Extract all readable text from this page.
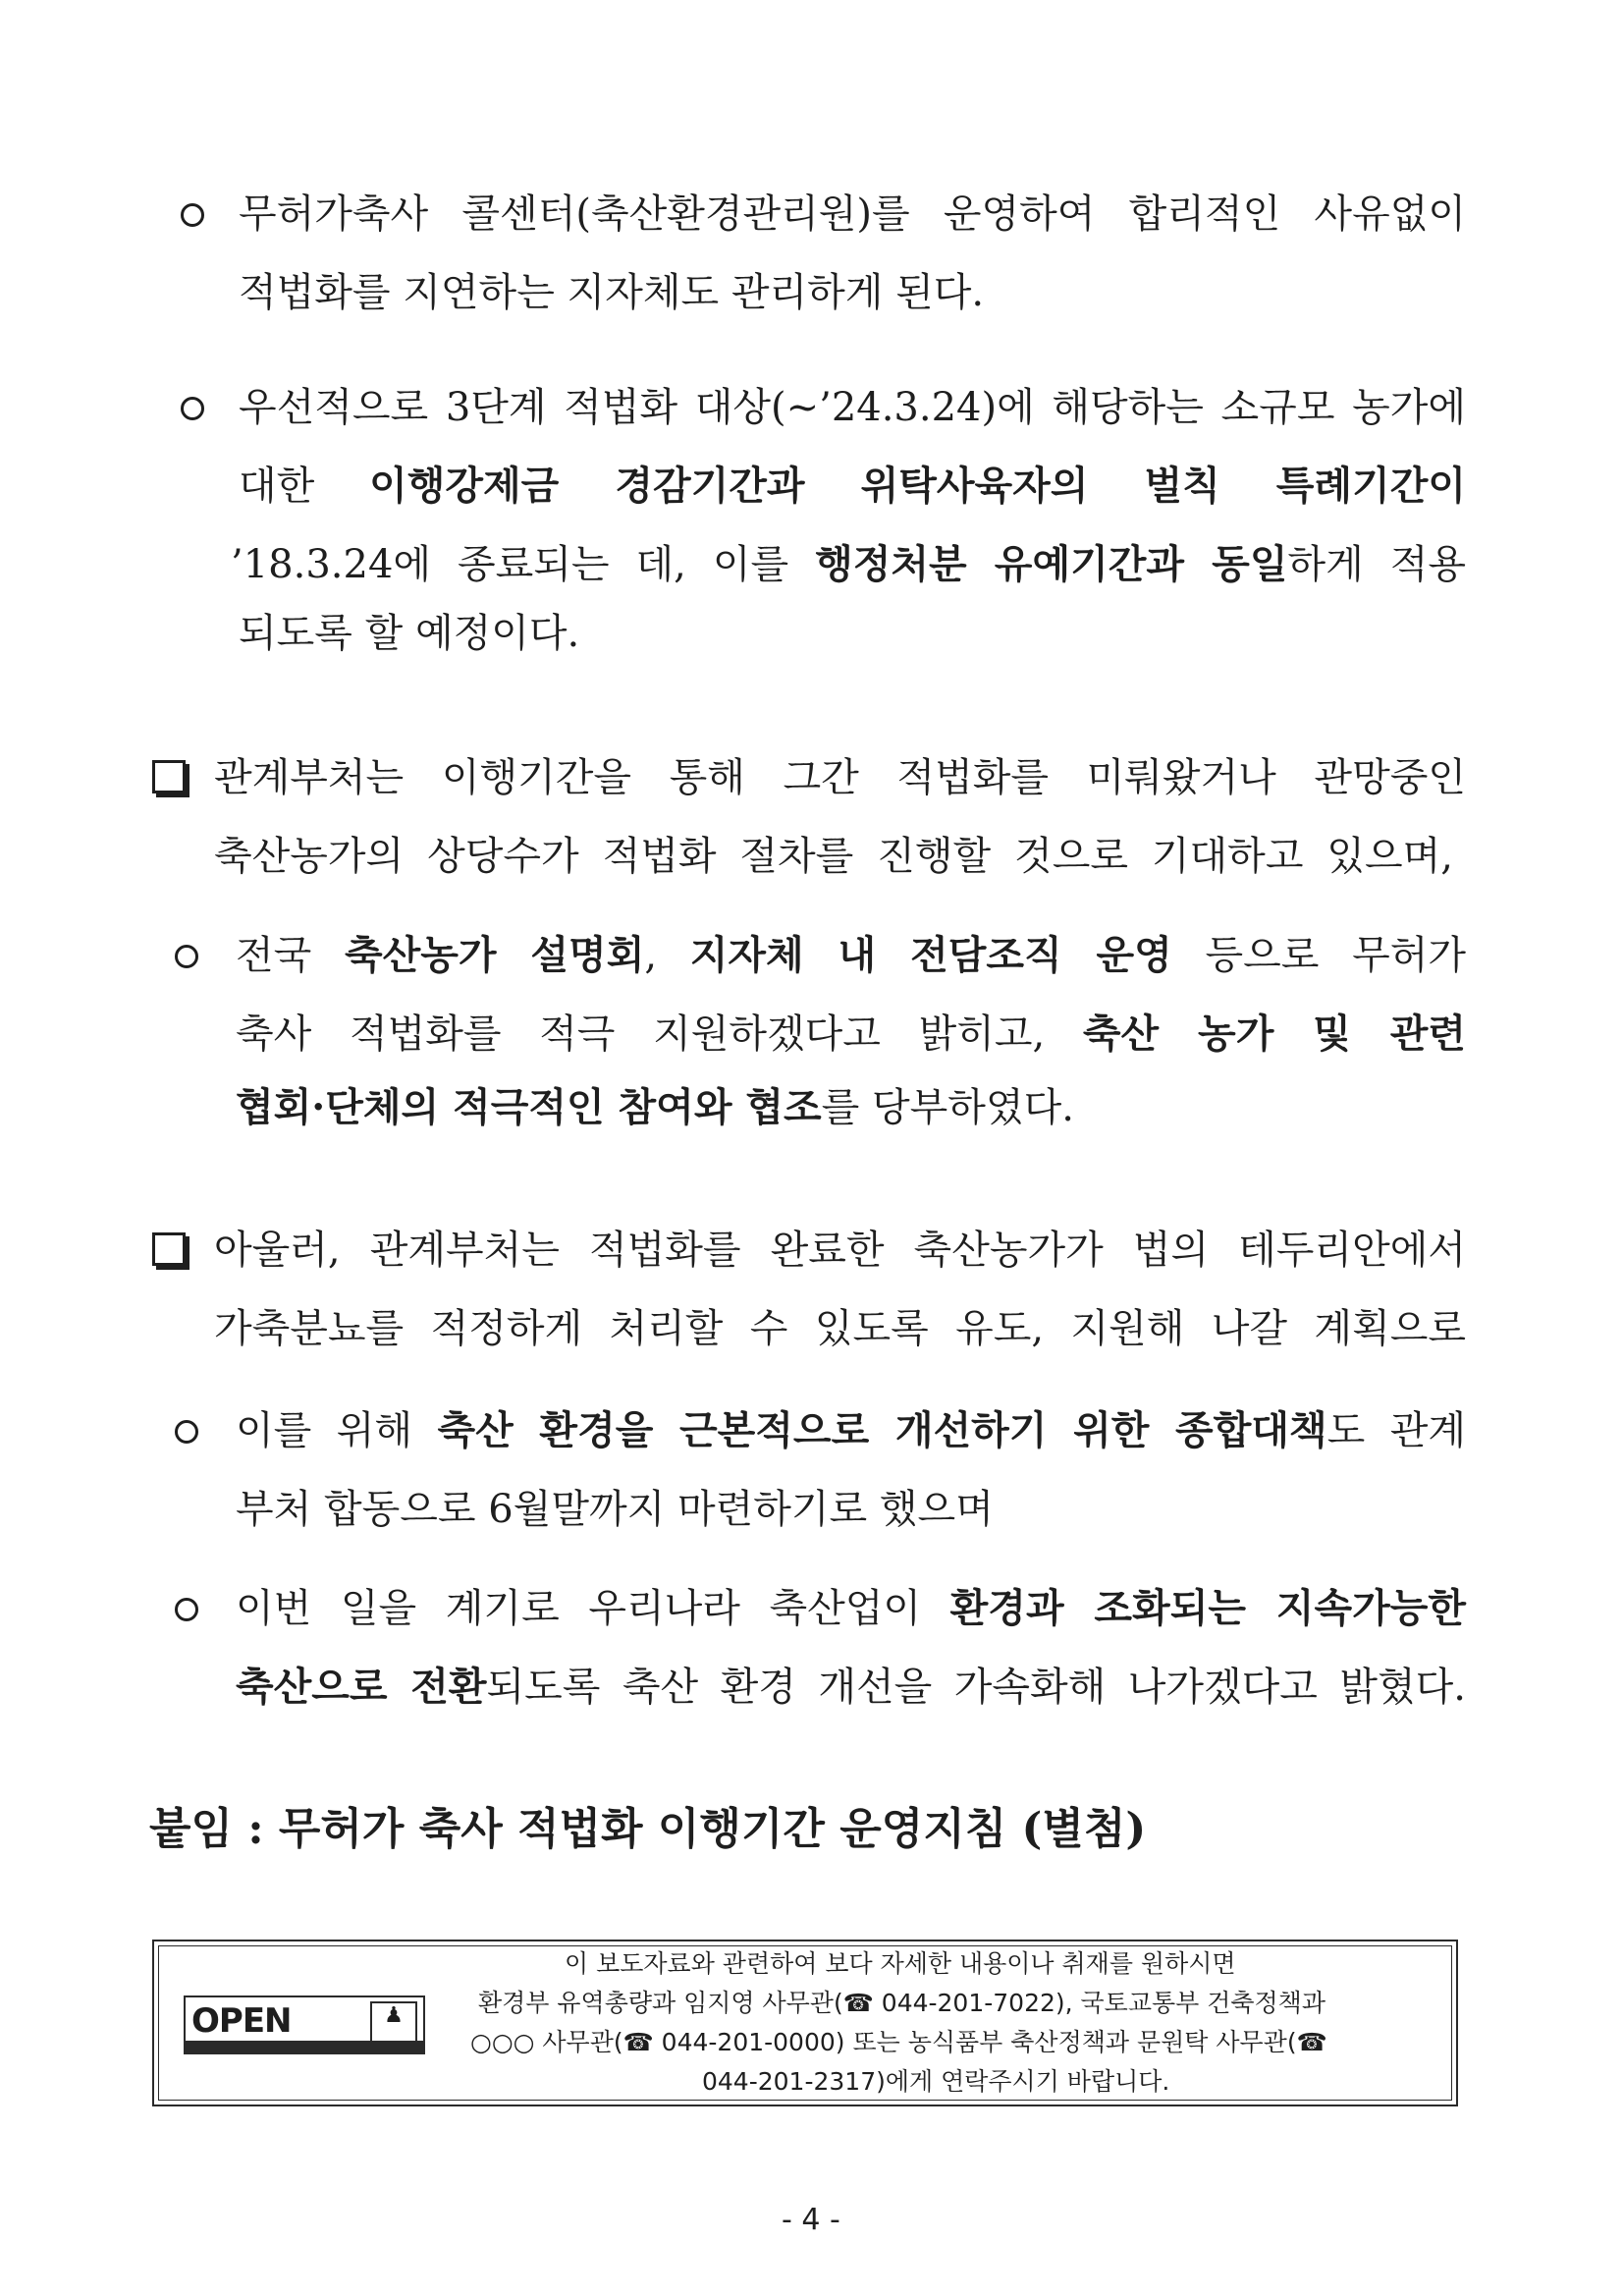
무허가축사 콜센터(축산환경관리원)를 운영하여 합리적인 사유없이
적법화를 지연하는 지자체도 관리하게 된다.
우선적으로 3단계 적법화 대상(~’24.3.24)에 해당하는 소규모 농가에
대한 이행강제금 경감기간과 위탁사육자의 벌칙 특례기간이
’18.3.24에 종료되는 데, 이를 행정처분 유예기간과 동일하게 적용
되도록 할 예정이다.
관계부처는 이행기간을 통해 그간 적법화를 미뤄왔거나 관망중인
축산농가의 상당수가 적법화 절차를 진행할 것으로 기대하고 있으며,
전국 축산농가 설명회, 지자체 내 전담조직 운영 등으로 무허가
축사 적법화를 적극 지원하겠다고 밝히고, 축산 농가 및 관련
협회·단체의 적극적인 참여와 협조를 당부하였다.
아울러, 관계부처는 적법화를 완료한 축산농가가 법의 테두리안에서
가축분뇨를 적정하게 처리할 수 있도록 유도, 지원해 나갈 계획으로
이를 위해 축산 환경을 근본적으로 개선하기 위한 종합대책도 관계
부처 합동으로 6월말까지 마련하기로 했으며
이번 일을 계기로 우리나라 축산업이 환경과 조화되는 지속가능한
축산으로 전환되도록 축산 환경 개선을 가속화해 나가겠다고 밝혔다.
붙임 : 무허가 축사 적법화 이행기간 운영지침 (별첨)
OPEN	♟
이 보도자료와 관련하여 보다 자세한 내용이나 취재를 원하시면
환경부 유역총량과 임지영 사무관(☎ 044-201-7022), 국토교통부 건축정책과
○○○ 사무관(☎ 044-201-0000) 또는 농식품부 축산정책과 문원탁 사무관(☎
044-201-2317)에게 연락주시기 바랍니다.
- 4 -
